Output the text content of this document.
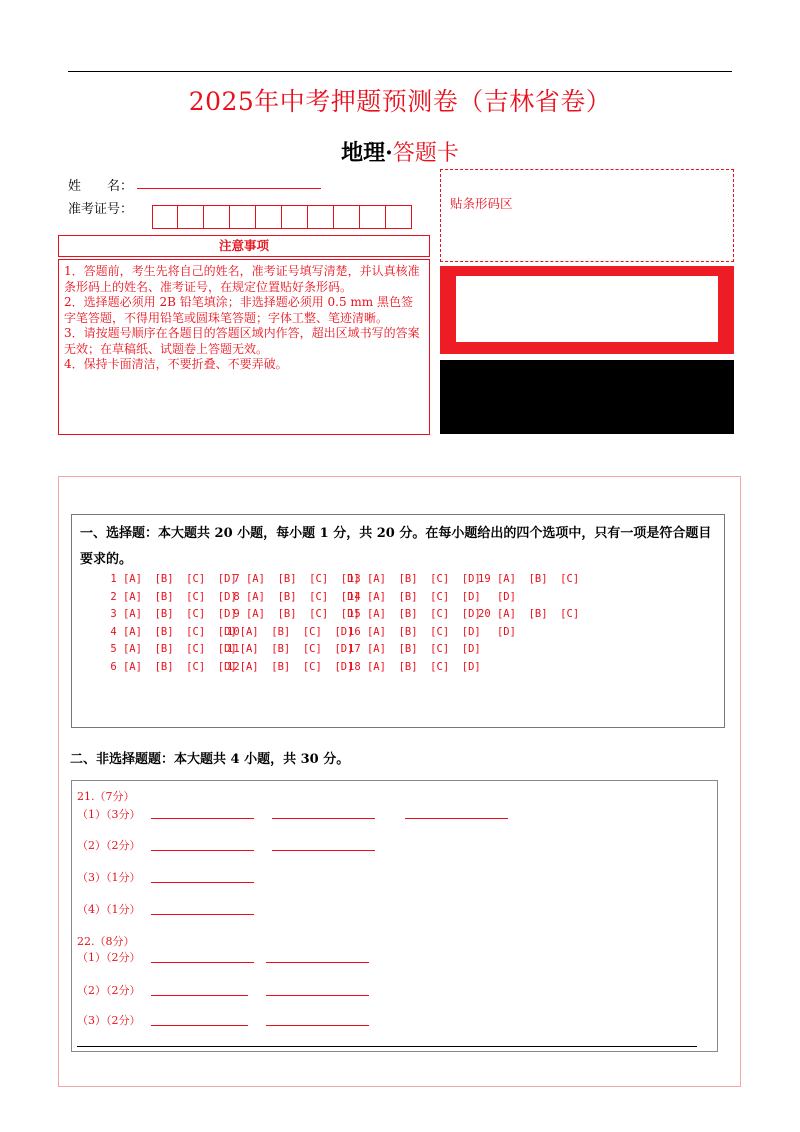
2025年中考押题预测卷（吉林省卷）
地理·答题卡
姓　　名：
准考证号：
注意事项

1．答题前，考生先将自己的姓名，准考证号填写清楚，并认真核准条形码上的姓名、准考证号，在规定位置贴好条形码。

2．选择题必须用 2B 铅笔填涂；非选择题必须用 0.5 mm 黑色签字笔答题，不得用铅笔或圆珠笔答题；字体工整、笔迹清晰。

3．请按题号顺序在各题目的答题区域内作答，超出区域书写的答案无效；在草稿纸、试题卷上答题无效。

4．保持卡面清洁，不要折叠、不要弄破。

贴条形码区
一、选择题：本大题共 20 小题，每小题 1 分，共 20 分。在每小题给出的四个选项中，只有一项是符合题目要求的。
1 [A]  [B]  [C]  [D]
2 [A]  [B]  [C]  [D]
3 [A]  [B]  [C]  [D]
4 [A]  [B]  [C]  [D]
5 [A]  [B]  [C]  [D]
6 [A]  [B]  [C]  [D]
7 [A]  [B]  [C]  [D]
8 [A]  [B]  [C]  [D]
9 [A]  [B]  [C]  [D]
10[A]  [B]  [C]  [D]
11[A]  [B]  [C]  [D]
12[A]  [B]  [C]  [D]
13 [A]  [B]  [C]  [D]
14 [A]  [B]  [C]  [D]
15 [A]  [B]  [C]  [D]
16 [A]  [B]  [C]  [D]
17 [A]  [B]  [C]  [D]
18 [A]  [B]  [C]  [D]
19 [A]  [B]  [C]
[D]
20 [A]  [B]  [C]
[D]
二、非选择题题：本大题共 4 小题，共 30 分。
21.（7分）
（1）（3分）
（2）（2分）
（3）（1分）
（4）（1分）
22.（8分）
（1）（2分）
（2）（2分）
（3）（2分）
